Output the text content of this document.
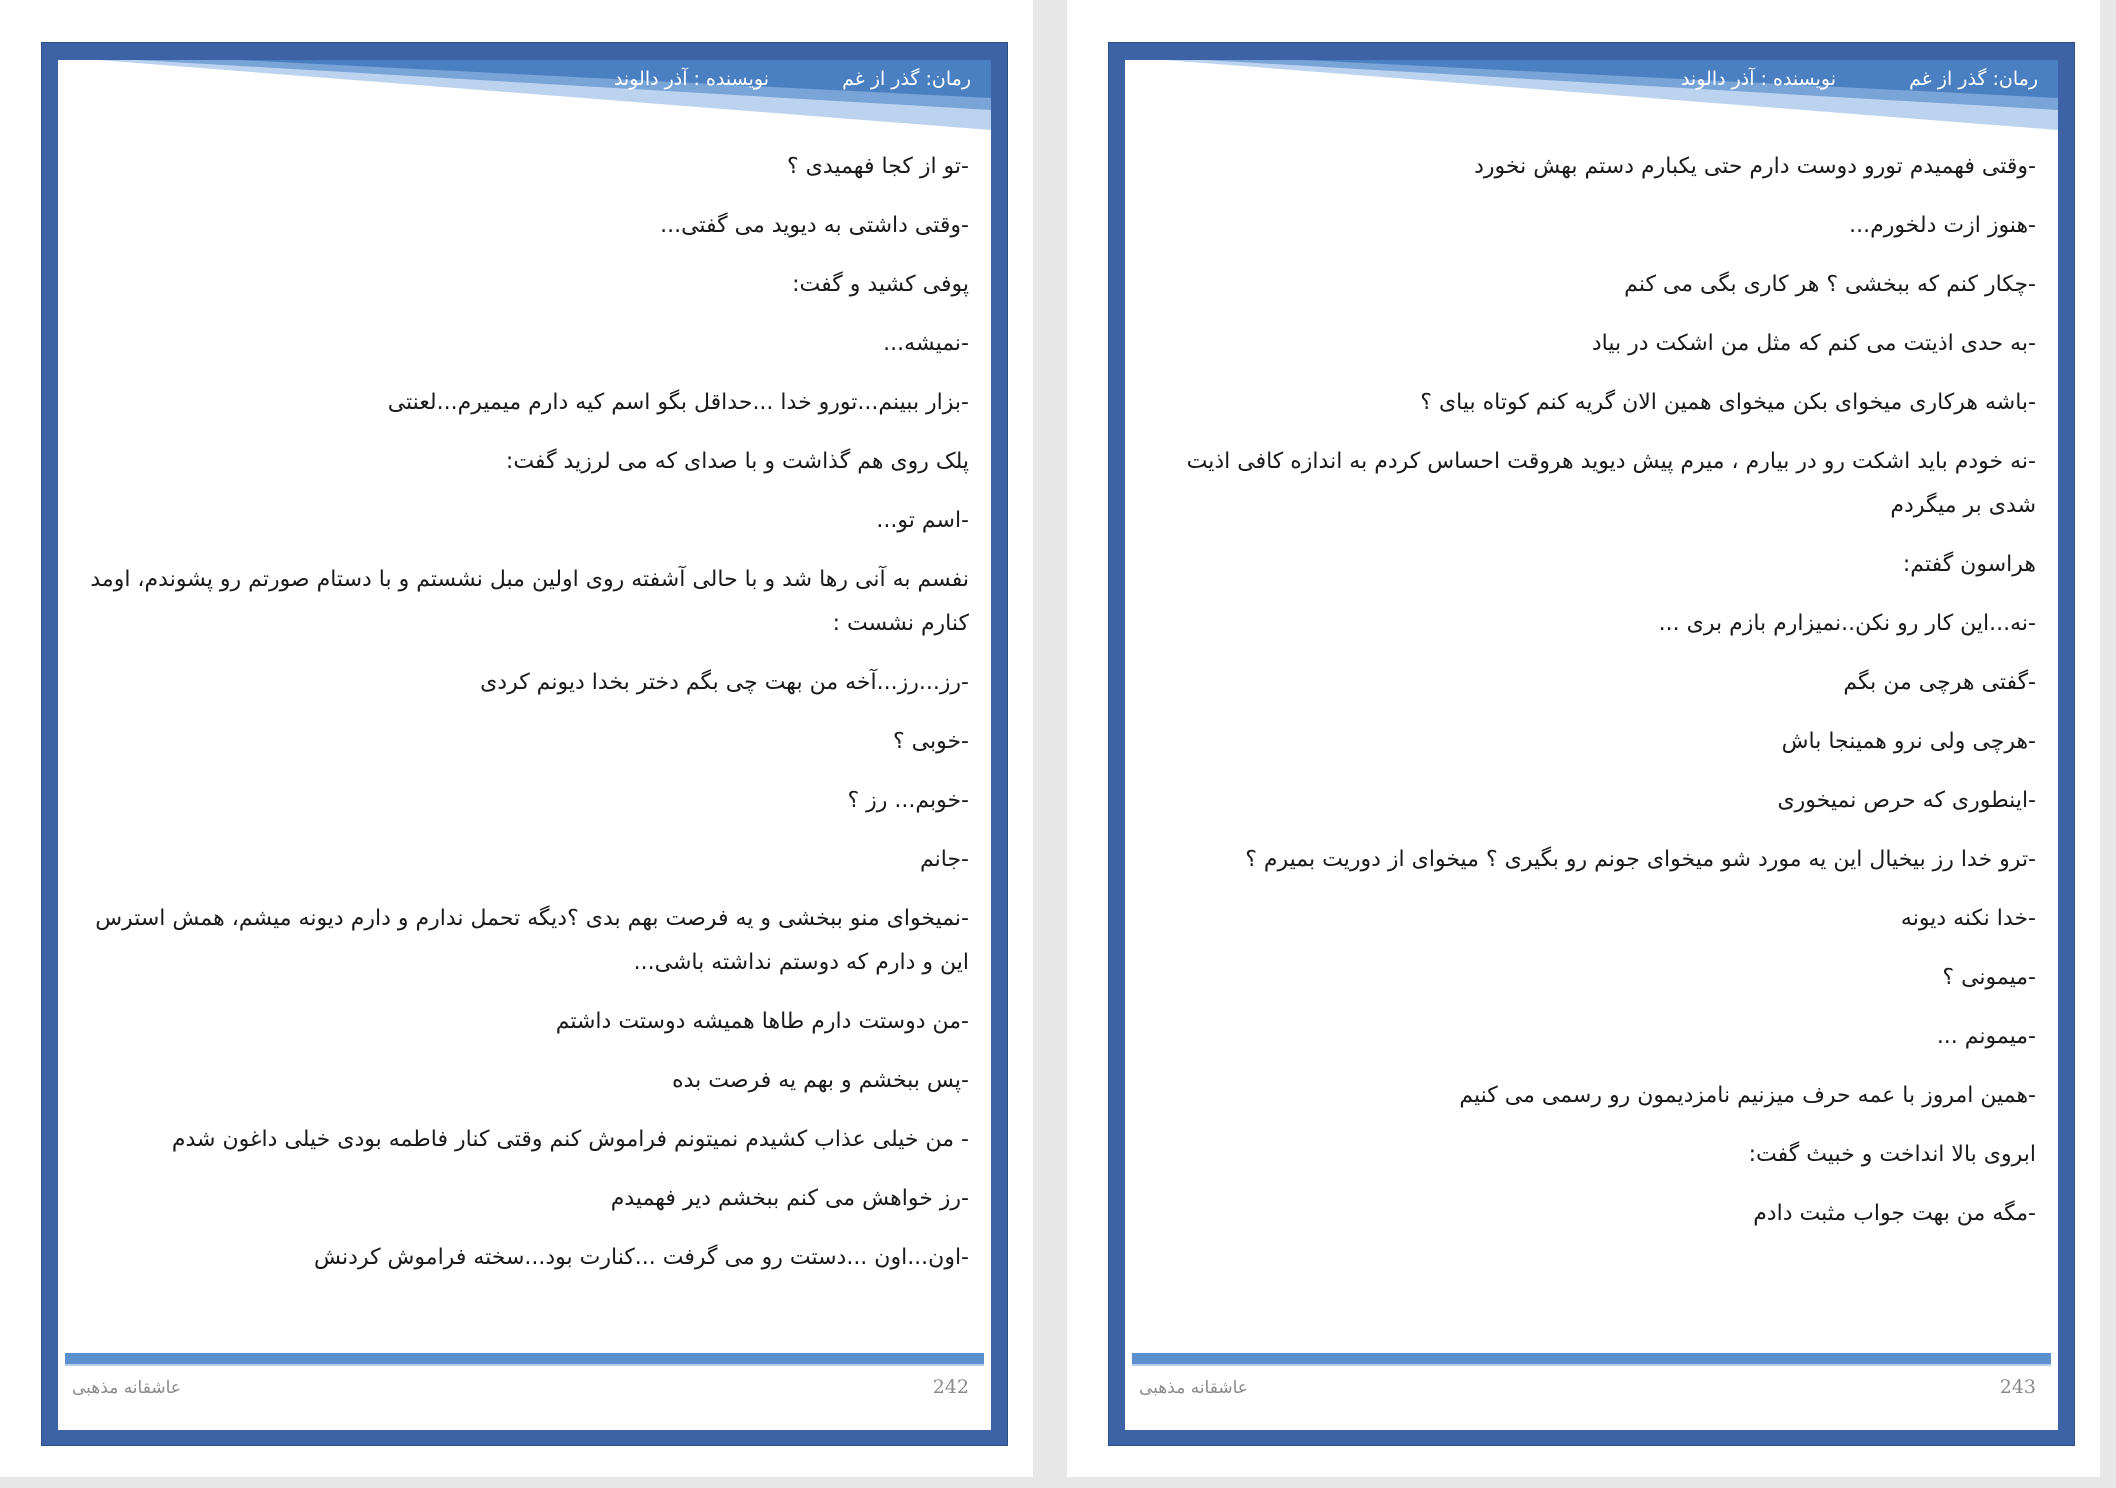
رمان: گذر از غم
نویسنده : آذر دالوند

-تو از کجا فهمیدی ؟

-وقتی داشتی به دیوید می گفتی...

پوفی کشید و گفت:

-نمیشه...

-بزار ببینم...تورو خدا ...حداقل بگو اسم کیه دارم میمیرم...لعنتی

پلک روی هم گذاشت و با صدای که می لرزید گفت:

-اسم تو...

نفسم به آنی رها شد و با حالی آشفته روی اولین مبل نشستم و با دستام صورتم رو پشوندم، اومد کنارم نشست :

-رز...رز...آخه من بهت چی بگم دختر بخدا دیونم کردی

-خوبی ؟

-خوبم... رز ؟

-جانم

-نمیخوای منو ببخشی و یه فرصت بهم بدی ؟دیگه تحمل ندارم و دارم دیونه میشم، همش استرس این و دارم که دوستم نداشته باشی...

-من دوستت دارم طاها همیشه دوستت داشتم

-پس ببخشم و بهم یه فرصت بده

- من خیلی عذاب کشیدم نمیتونم فراموش کنم وقتی کنار فاطمه بودی خیلی داغون شدم

-رز خواهش می کنم ببخشم دیر فهمیدم

-اون...اون ...دستت رو می گرفت ...کنارت بود...سخته فراموش کردنش

عاشقانه مذهبی	242
رمان: گذر از غم
نویسنده : آذر دالوند

-وقتی فهمیدم تورو دوست دارم حتی یکبارم دستم بهش نخورد

-هنوز ازت دلخورم...

-چکار کنم که ببخشی ؟ هر کاری بگی می کنم

-به حدی اذیتت می کنم که مثل من اشکت در بیاد

-باشه هرکاری میخوای بکن میخوای همین الان گریه کنم کوتاه بیای ؟

-نه خودم باید اشکت رو در بیارم ، میرم پیش دیوید هروقت احساس کردم به اندازه کافی اذیت شدی بر میگردم

هراسون گفتم:

-نه...این کار رو نکن..نمیزارم بازم بری ...

-گفتی هرچی من بگم

-هرچی ولی نرو همینجا باش

-اینطوری که حرص نمیخوری

-ترو خدا رز بیخیال این یه مورد شو میخوای جونم رو بگیری ؟ میخوای از دوریت بمیرم ؟

-خدا نکنه دیونه

-میمونی ؟

-میمونم ...

-همین امروز با عمه حرف میزنیم نامزدیمون رو رسمی می کنیم

ابروی بالا انداخت و خبیث گفت:

-مگه من بهت جواب مثبت دادم

عاشقانه مذهبی	243
